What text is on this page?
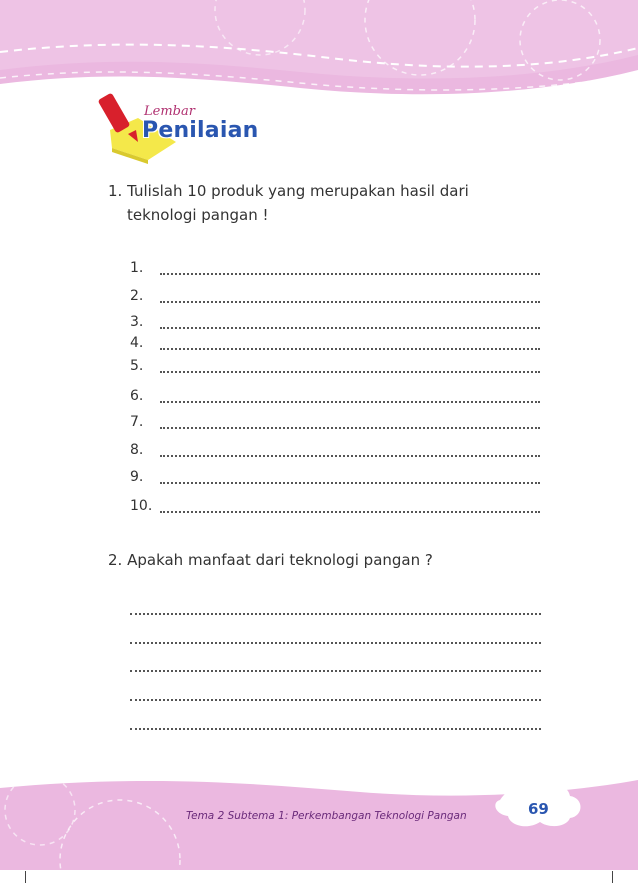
Lembar
Penilaian
1. Tulislah 10 produk yang merupakan hasil dari
teknologi pangan !
1.
2.
3.
4.
5.
6.
7.
8.
9.
10.
2. Apakah manfaat dari teknologi pangan ?
Tema 2 Subtema 1: Perkembangan Teknologi Pangan	69
